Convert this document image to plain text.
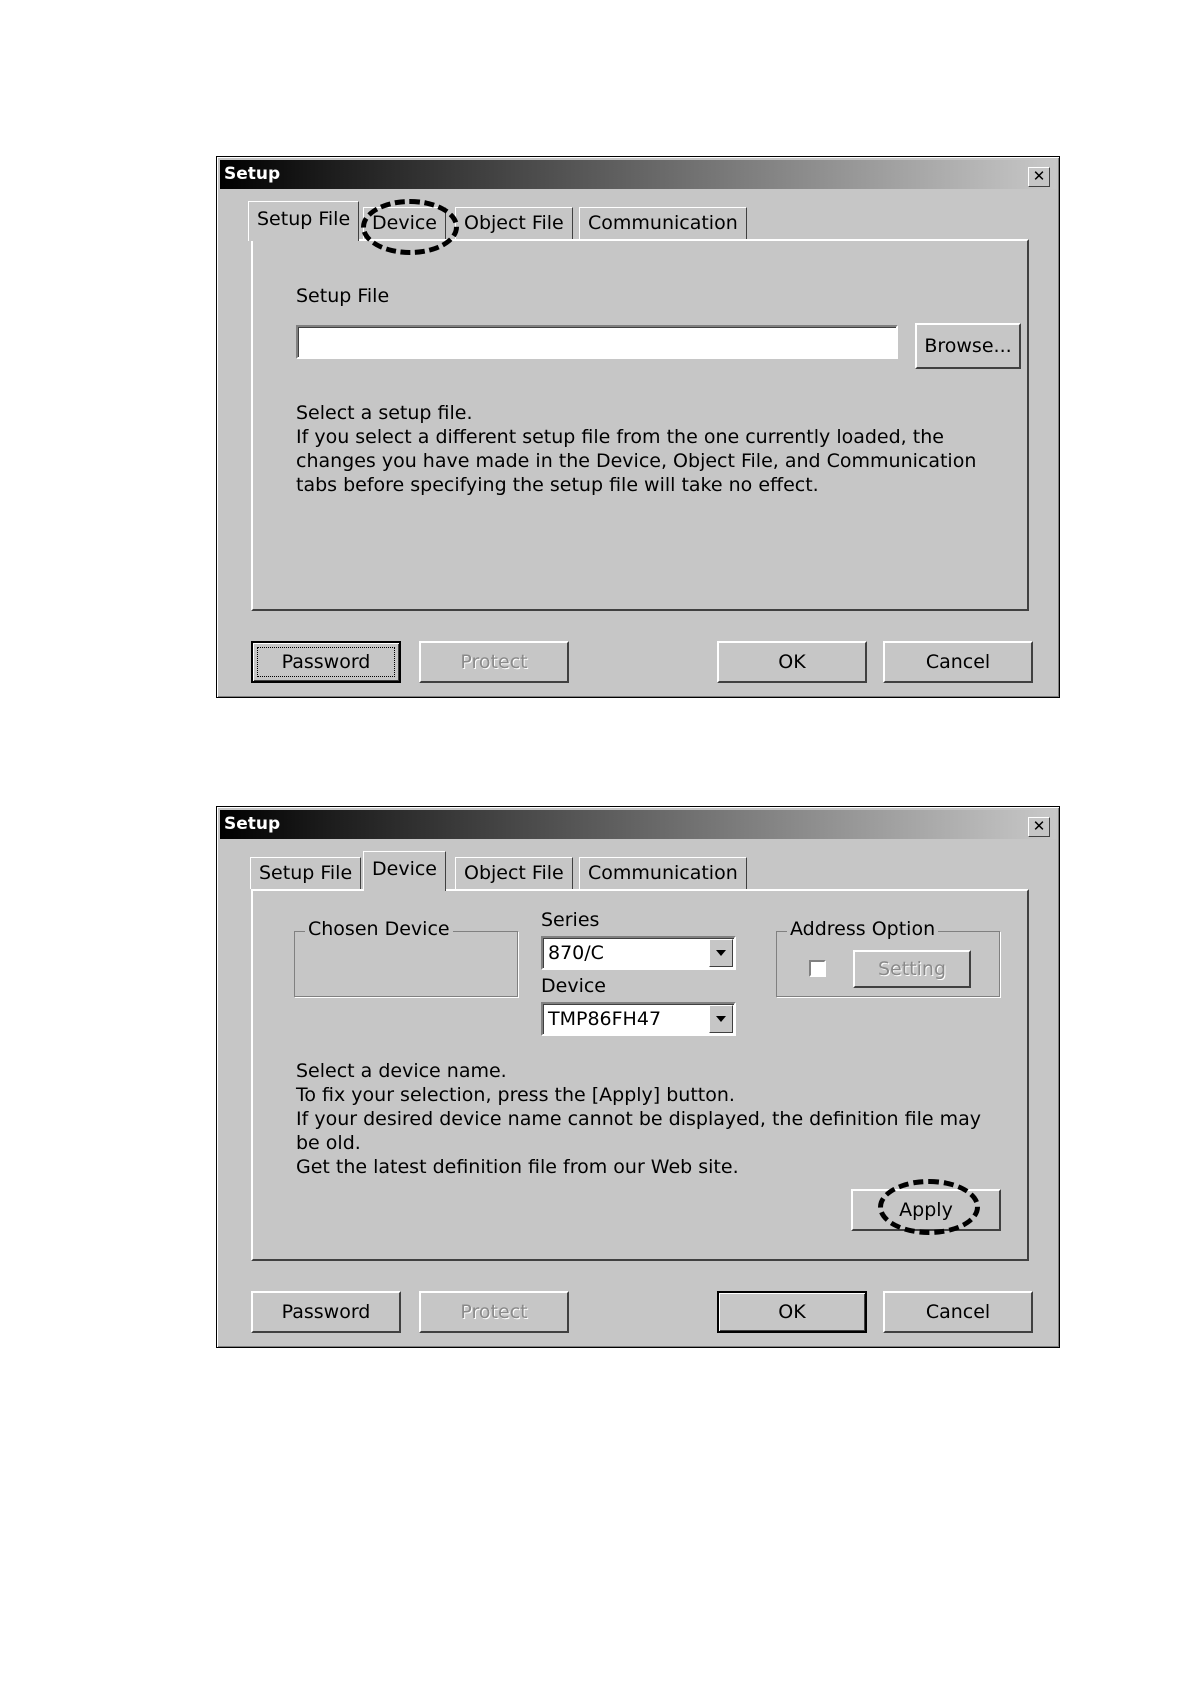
Setup	✕
Setup File	Device	Object File	Communication
Setup File
Browse...
Select a setup file.
If you select a different setup file from the one currently loaded, the
changes you have made in the Device, Object File, and Communication
tabs before specifying the setup file will take no effect.
Password	Protect	OK	Cancel
Setup	✕
Setup File	Device	Object File	Communication
Chosen Device	Series
870/C
Device
TMP86FH47
Address Option
Setting
Select a device name.
To fix your selection, press the [Apply] button.
If your desired device name cannot be displayed, the definition file may
be old.
Get the latest definition file from our Web site.
Apply
Password	Protect	OK	Cancel
